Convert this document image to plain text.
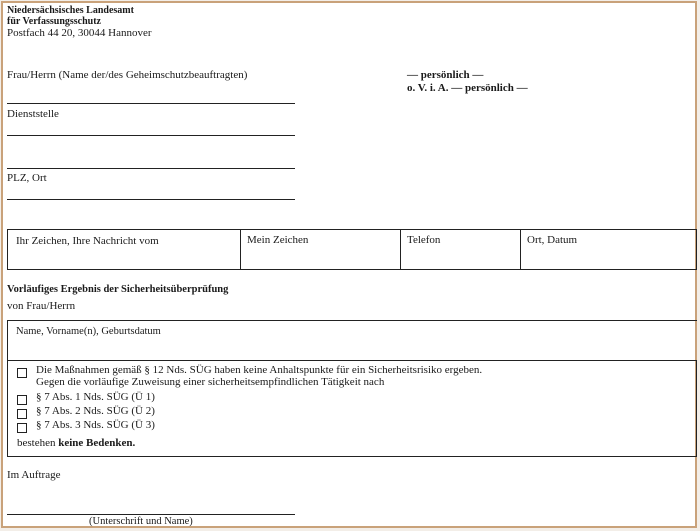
Niedersächsisches Landesamt
für Verfassungsschutz
Postfach 44 20, 30044 Hannover
Frau/Herrn (Name der/des Geheimschutzbeauftragten)
Dienststelle
PLZ, Ort
— persönlich —
o. V. i. A. — persönlich —
Ihr Zeichen, Ihre Nachricht vom	Mein Zeichen	Telefon	Ort, Datum
Vorläufiges Ergebnis der Sicherheitsüberprüfung
von Frau/Herrn
Name, Vorname(n), Geburtsdatum
Die Maßnahmen gemäß § 12 Nds. SÜG haben keine Anhaltspunkte für ein Sicherheitsrisiko ergeben.
Gegen die vorläufige Zuweisung einer sicherheitsempfindlichen Tätigkeit nach
§ 7 Abs. 1 Nds. SÜG (Ü 1)
§ 7 Abs. 2 Nds. SÜG (Ü 2)
§ 7 Abs. 3 Nds. SÜG (Ü 3)
bestehen keine Bedenken.
Im Auftrage
(Unterschrift und Name)
